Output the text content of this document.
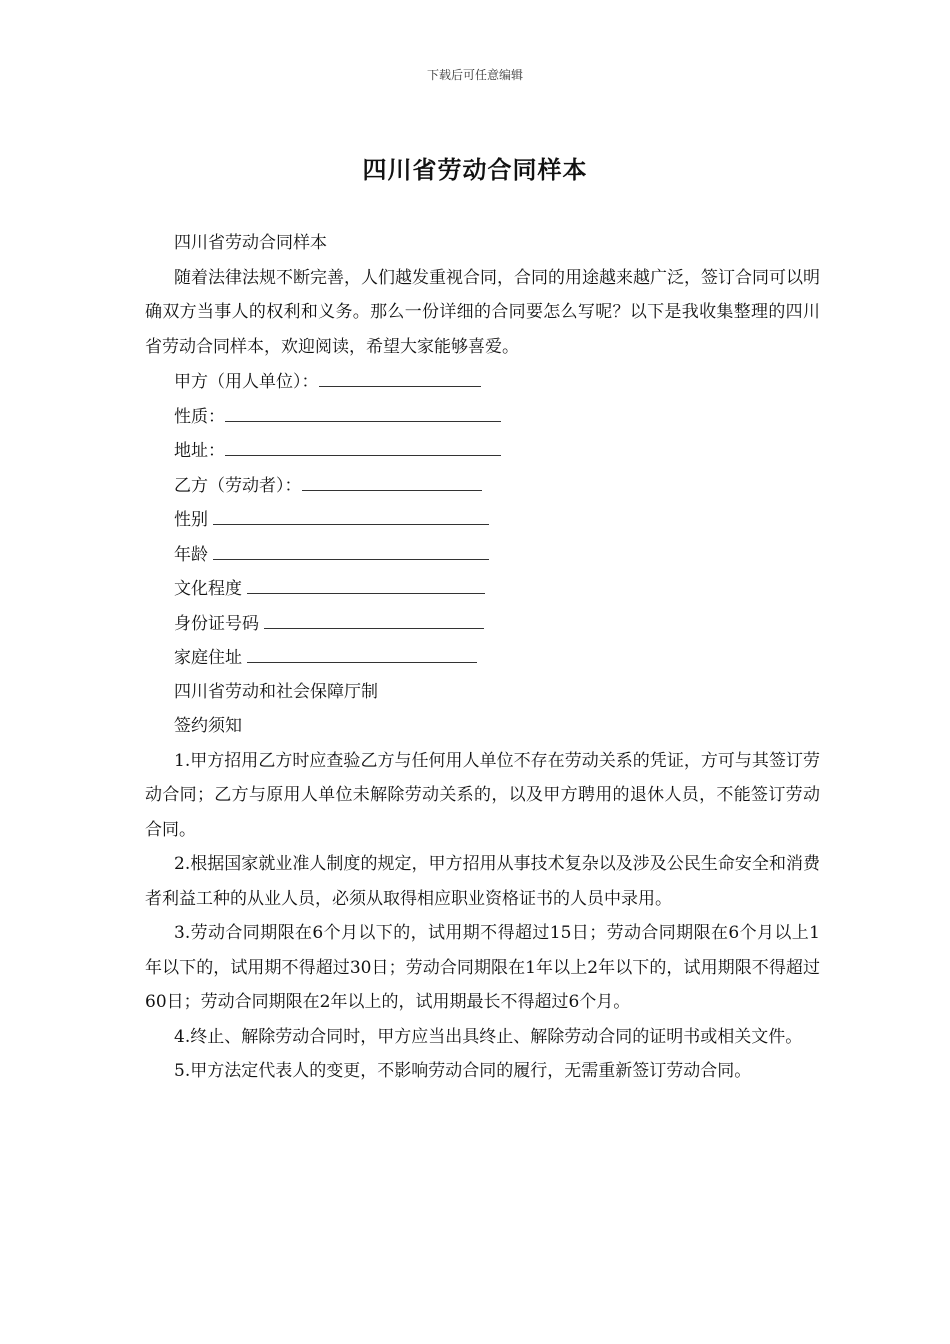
下载后可任意编辑
四川省劳动合同样本

四川省劳动合同样本

随着法律法规不断完善，人们越发重视合同，合同的用途越来越广泛，签订合同可以明确双方当事人的权利和义务。那么一份详细的合同要怎么写呢？以下是我收集整理的四川省劳动合同样本，欢迎阅读，希望大家能够喜爱。

甲方（用人单位）：
性质：
地址：
乙方（劳动者）：
性别
年龄
文化程度
身份证号码
家庭住址

四川省劳动和社会保障厅制

签约须知

1.甲方招用乙方时应查验乙方与任何用人单位不存在劳动关系的凭证，方可与其签订劳动合同；乙方与原用人单位未解除劳动关系的，以及甲方聘用的退休人员，不能签订劳动合同。

2.根据国家就业准人制度的规定，甲方招用从事技术复杂以及涉及公民生命安全和消费者利益工种的从业人员，必须从取得相应职业资格证书的人员中录用。

3.劳动合同期限在6个月以下的，试用期不得超过15日；劳动合同期限在6个月以上1年以下的，试用期不得超过30日；劳动合同期限在1年以上2年以下的，试用期限不得超过60日；劳动合同期限在2年以上的，试用期最长不得超过6个月。

4.终止、解除劳动合同时，甲方应当出具终止、解除劳动合同的证明书或相关文件。

5.甲方法定代表人的变更，不影响劳动合同的履行，无需重新签订劳动合同。
